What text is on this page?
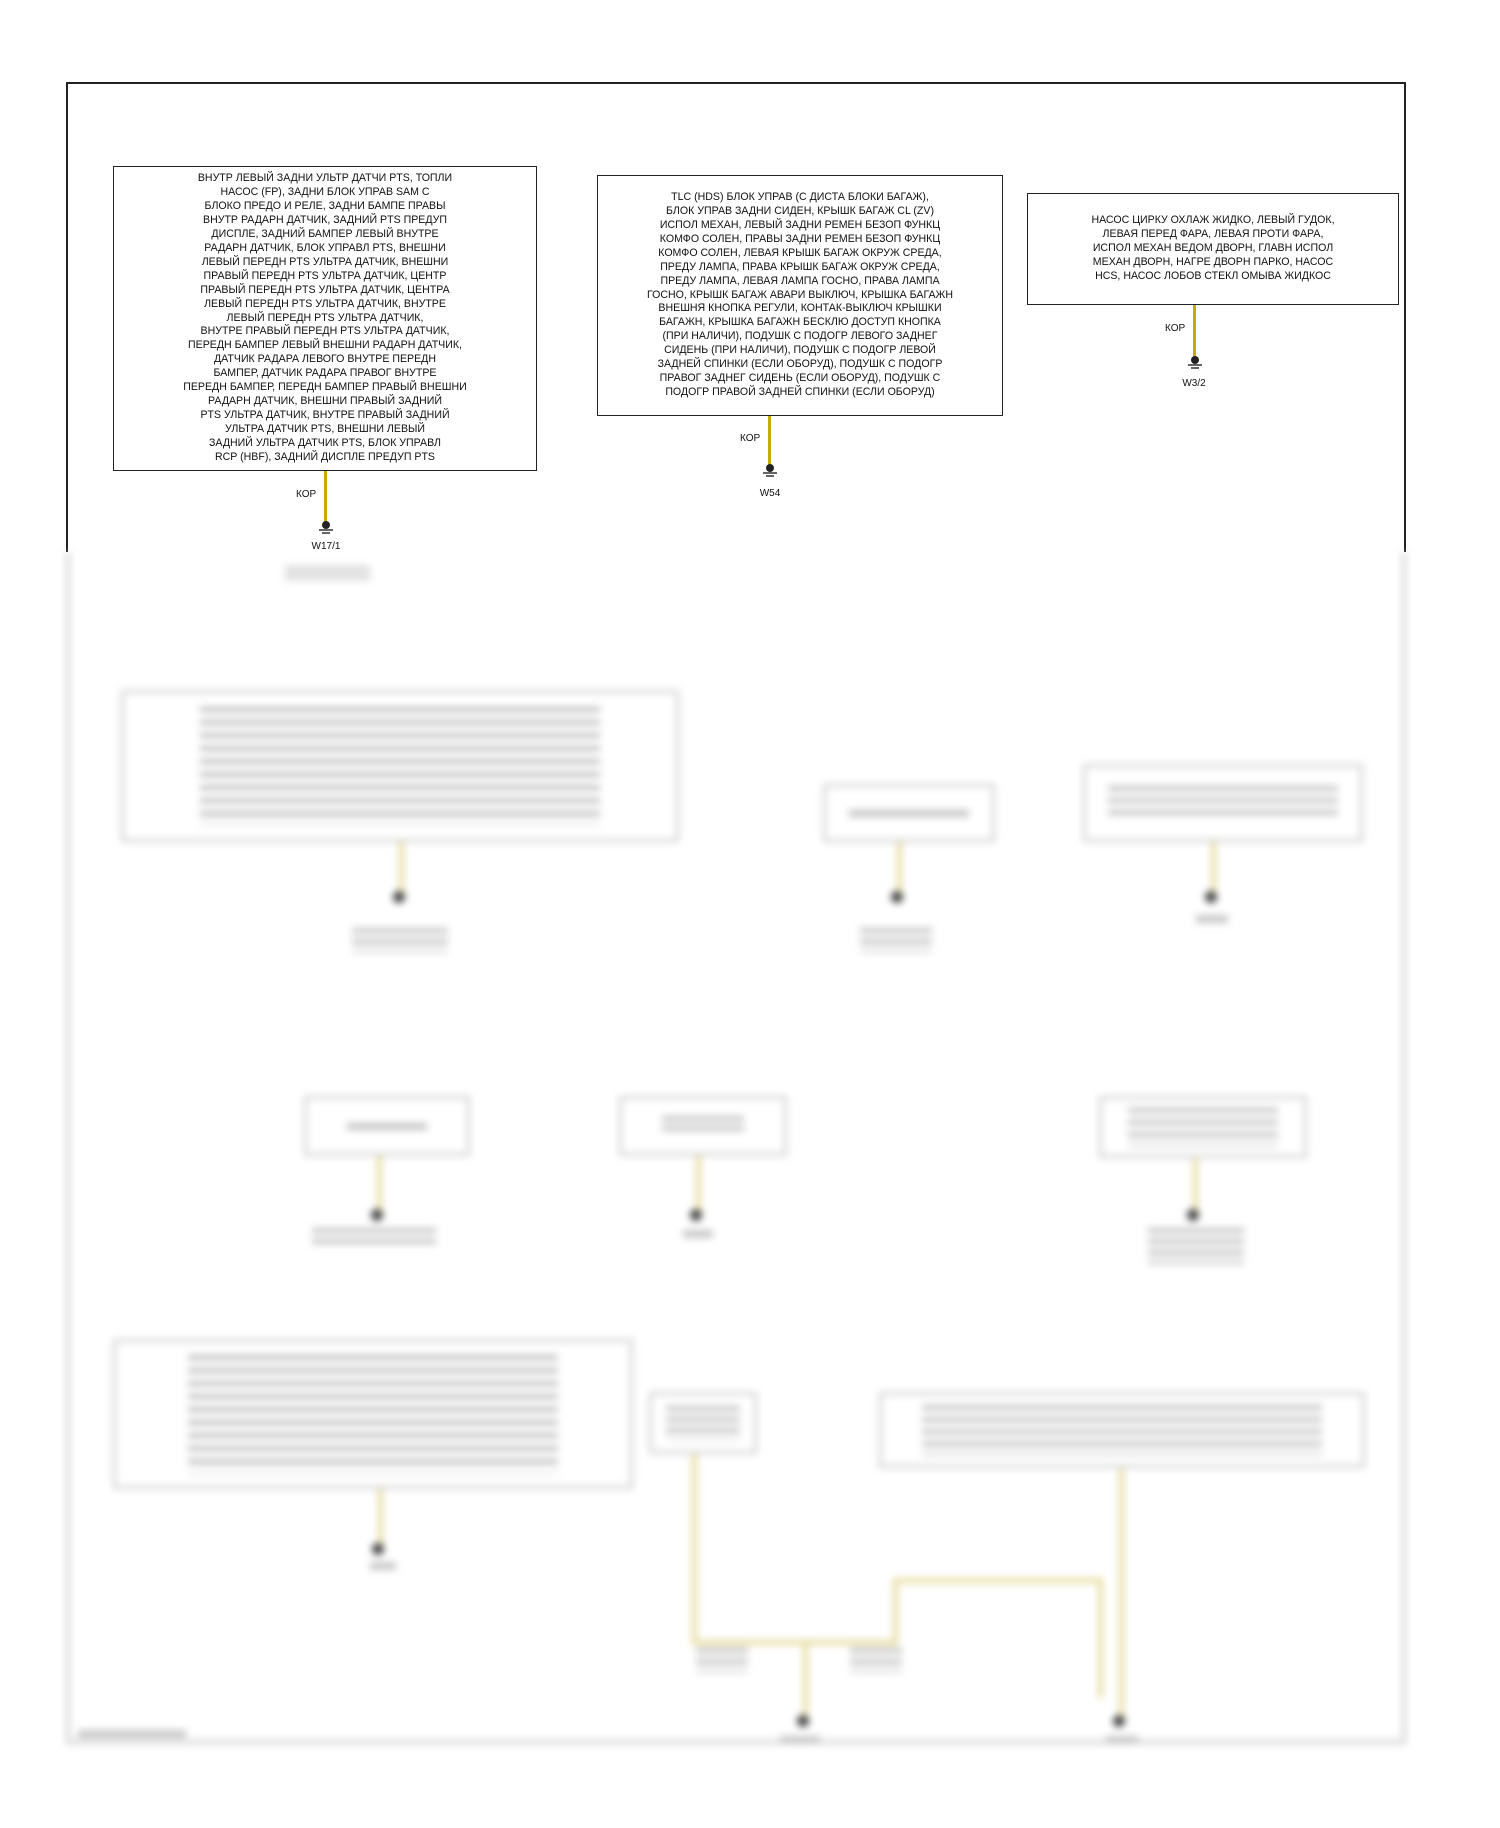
ВНУТР ЛЕВЫЙ ЗАДНИ УЛЬТР ДАТЧИ PTS, ТОПЛИ
НАСОС (FP), ЗАДНИ БЛОК УПРАВ SAM С
БЛОКО ПРЕДО И РЕЛЕ, ЗАДНИ БАМПЕ ПРАВЫ
ВНУТР РАДАРН ДАТЧИК, ЗАДНИЙ PTS ПРЕДУП
ДИСПЛЕ, ЗАДНИЙ БАМПЕР ЛЕВЫЙ ВНУТРЕ
РАДАРН ДАТЧИК, БЛОК УПРАВЛ PTS, ВНЕШНИ
ЛЕВЫЙ ПЕРЕДН PTS УЛЬТРА ДАТЧИК, ВНЕШНИ
ПРАВЫЙ ПЕРЕДН PTS УЛЬТРА ДАТЧИК, ЦЕНТР
ПРАВЫЙ ПЕРЕДН PTS УЛЬТРА ДАТЧИК, ЦЕНТРА
ЛЕВЫЙ ПЕРЕДН PTS УЛЬТРА ДАТЧИК, ВНУТРЕ
ЛЕВЫЙ ПЕРЕДН PTS УЛЬТРА ДАТЧИК,
ВНУТРЕ ПРАВЫЙ ПЕРЕДН PTS УЛЬТРА ДАТЧИК,
ПЕРЕДН БАМПЕР ЛЕВЫЙ ВНЕШНИ РАДАРН ДАТЧИК,
ДАТЧИК РАДАРА ЛЕВОГО ВНУТРЕ ПЕРЕДН
БАМПЕР, ДАТЧИК РАДАРА ПРАВОГ ВНУТРЕ
ПЕРЕДН БАМПЕР, ПЕРЕДН БАМПЕР ПРАВЫЙ ВНЕШНИ
РАДАРН ДАТЧИК, ВНЕШНИ ПРАВЫЙ ЗАДНИЙ
PTS УЛЬТРА ДАТЧИК, ВНУТРЕ ПРАВЫЙ ЗАДНИЙ
УЛЬТРА ДАТЧИК PTS, ВНЕШНИ ЛЕВЫЙ
ЗАДНИЙ УЛЬТРА ДАТЧИК PTS, БЛОК УПРАВЛ
RCP (HBF), ЗАДНИЙ ДИСПЛЕ ПРЕДУП PTS
КОР
W17/1
TLC (HDS) БЛОК УПРАВ (С ДИСТА БЛОКИ БАГАЖ),
БЛОК УПРАВ ЗАДНИ СИДЕН, КРЫШК БАГАЖ CL (ZV)
ИСПОЛ МЕХАН, ЛЕВЫЙ ЗАДНИ РЕМЕН БЕЗОП ФУНКЦ
КОМФО СОЛЕН, ПРАВЫ ЗАДНИ РЕМЕН БЕЗОП ФУНКЦ
КОМФО СОЛЕН, ЛЕВАЯ КРЫШК БАГАЖ ОКРУЖ СРЕДА,
ПРЕДУ ЛАМПА, ПРАВА КРЫШК БАГАЖ ОКРУЖ СРЕДА,
ПРЕДУ ЛАМПА, ЛЕВАЯ ЛАМПА ГОСНО, ПРАВА ЛАМПА
ГОСНО, КРЫШК БАГАЖ АВАРИ ВЫКЛЮЧ, КРЫШКА БАГАЖН
ВНЕШНЯ КНОПКА РЕГУЛИ, КОНТАК-ВЫКЛЮЧ КРЫШКИ
БАГАЖН, КРЫШКА БАГАЖН БЕСКЛЮ ДОСТУП КНОПКА
(ПРИ НАЛИЧИ), ПОДУШК С ПОДОГР ЛЕВОГО ЗАДНЕГ
СИДЕНЬ (ПРИ НАЛИЧИ), ПОДУШК С ПОДОГР ЛЕВОЙ
ЗАДНЕЙ СПИНКИ (ЕСЛИ ОБОРУД), ПОДУШК С ПОДОГР
ПРАВОГ ЗАДНЕГ СИДЕНЬ (ЕСЛИ ОБОРУД), ПОДУШК С
ПОДОГР ПРАВОЙ ЗАДНЕЙ СПИНКИ (ЕСЛИ ОБОРУД)
КОР
W54
НАСОС ЦИРКУ ОХЛАЖ ЖИДКО, ЛЕВЫЙ ГУДОК,
ЛЕВАЯ ПЕРЕД ФАРА, ЛЕВАЯ ПРОТИ ФАРА,
ИСПОЛ МЕХАН ВЕДОМ ДВОРН, ГЛАВН ИСПОЛ
МЕХАН ДВОРН, НАГРЕ ДВОРН ПАРКО, НАСОС
HCS, НАСОС ЛОБОВ СТЕКЛ ОМЫВА ЖИДКОС
КОР
W3/2
